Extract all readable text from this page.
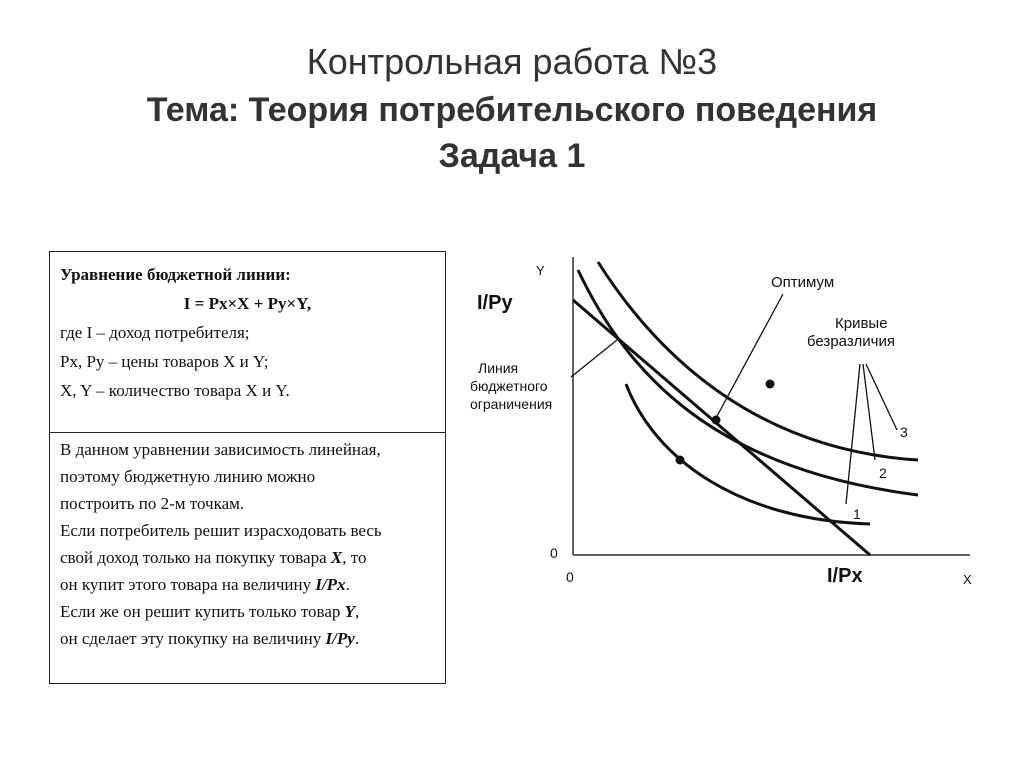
Контрольная работа №3

Тема: Теория потребительского поведения

Задача 1

Уравнение бюджетной линии:

I = Px×X + Py×Y,

где I – доход потребителя;

Px, Py – цены товаров X и Y;

X, Y – количество товара X и Y.

В данном уравнении зависимость линейная,

поэтому бюджетную линию можно

построить по 2-м точкам.

Если потребитель решит израсходовать весь

свой доход только на покупку товара X, то

он купит этого товара на величину I/Px.

Если же он решит купить только товар Y,

он сделает эту покупку на величину I/Py.

Y
I/Py
0
0	I/Px	X
Линия бюджетного ограничения
Оптимум
Кривые безразличия
1
2
3
